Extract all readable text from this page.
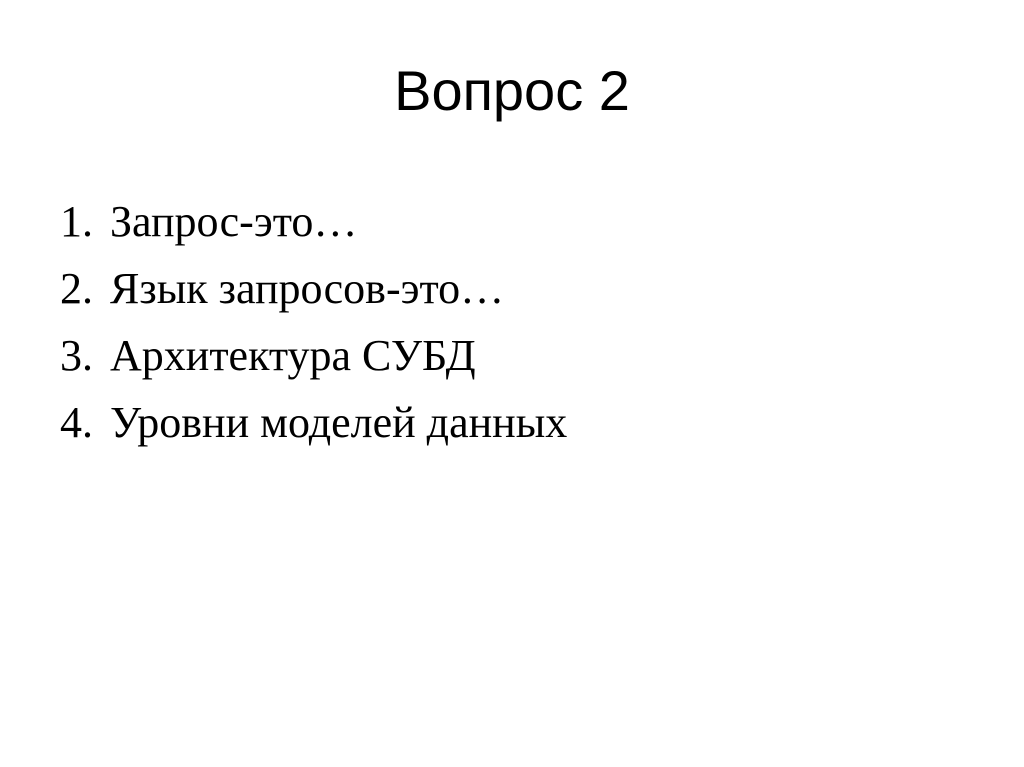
Вопрос 2
1. Запрос-это…
2. Язык запросов-это…
3. Архитектура СУБД
4. Уровни моделей данных
